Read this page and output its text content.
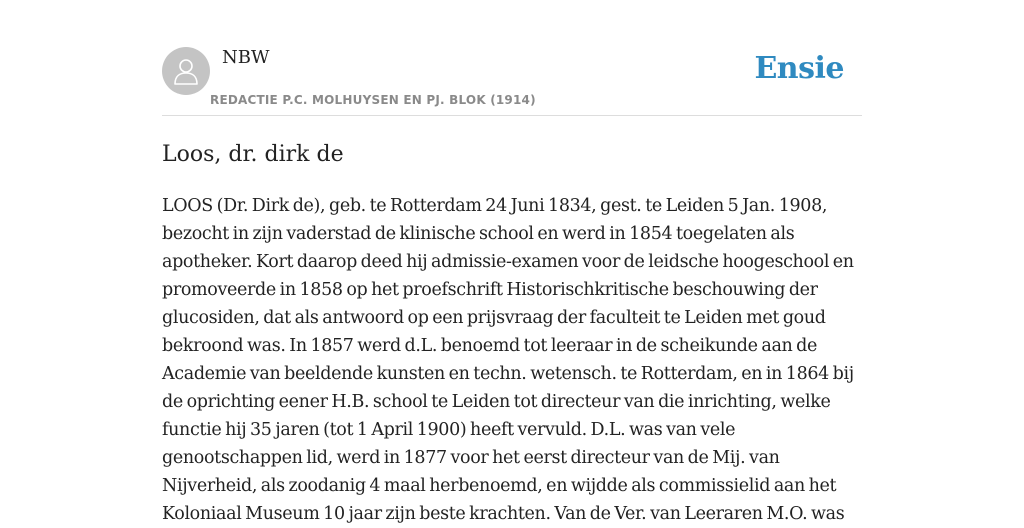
NBW
REDACTIE P.C. MOLHUYSEN EN PJ. BLOK (1914)
Ensie
Loos, dr. dirk de

LOOS (Dr. Dirk de), geb. te Rotterdam 24 Juni 1834, gest. te Leiden 5 Jan. 1908, bezocht in zijn vaderstad de klinische school en werd in 1854 toegelaten als apotheker. Kort daarop deed hij admissie-examen voor de leidsche hoogeschool en promoveerde in 1858 op het proefschrift Historischkritische beschouwing der glucosiden, dat als antwoord op een prijsvraag der faculteit te Leiden met goud bekroond was. In 1857 werd d.L. benoemd tot leeraar in de scheikunde aan de Academie van beeldende kunsten en techn. wetensch. te Rotterdam, en in 1864 bij de oprichting eener H.B. school te Leiden tot directeur van die inrichting, welke functie hij 35 jaren (tot 1 April 1900) heeft vervuld. D.L. was van vele genootschappen lid, werd in 1877 voor het eerst directeur van de Mij. van Nijverheid, als zoodanig 4 maal herbenoemd, en wijdde als commissielid aan het Koloniaal Museum 10 jaar zijn beste krachten. Van de Ver. van Leeraren M.O. was
